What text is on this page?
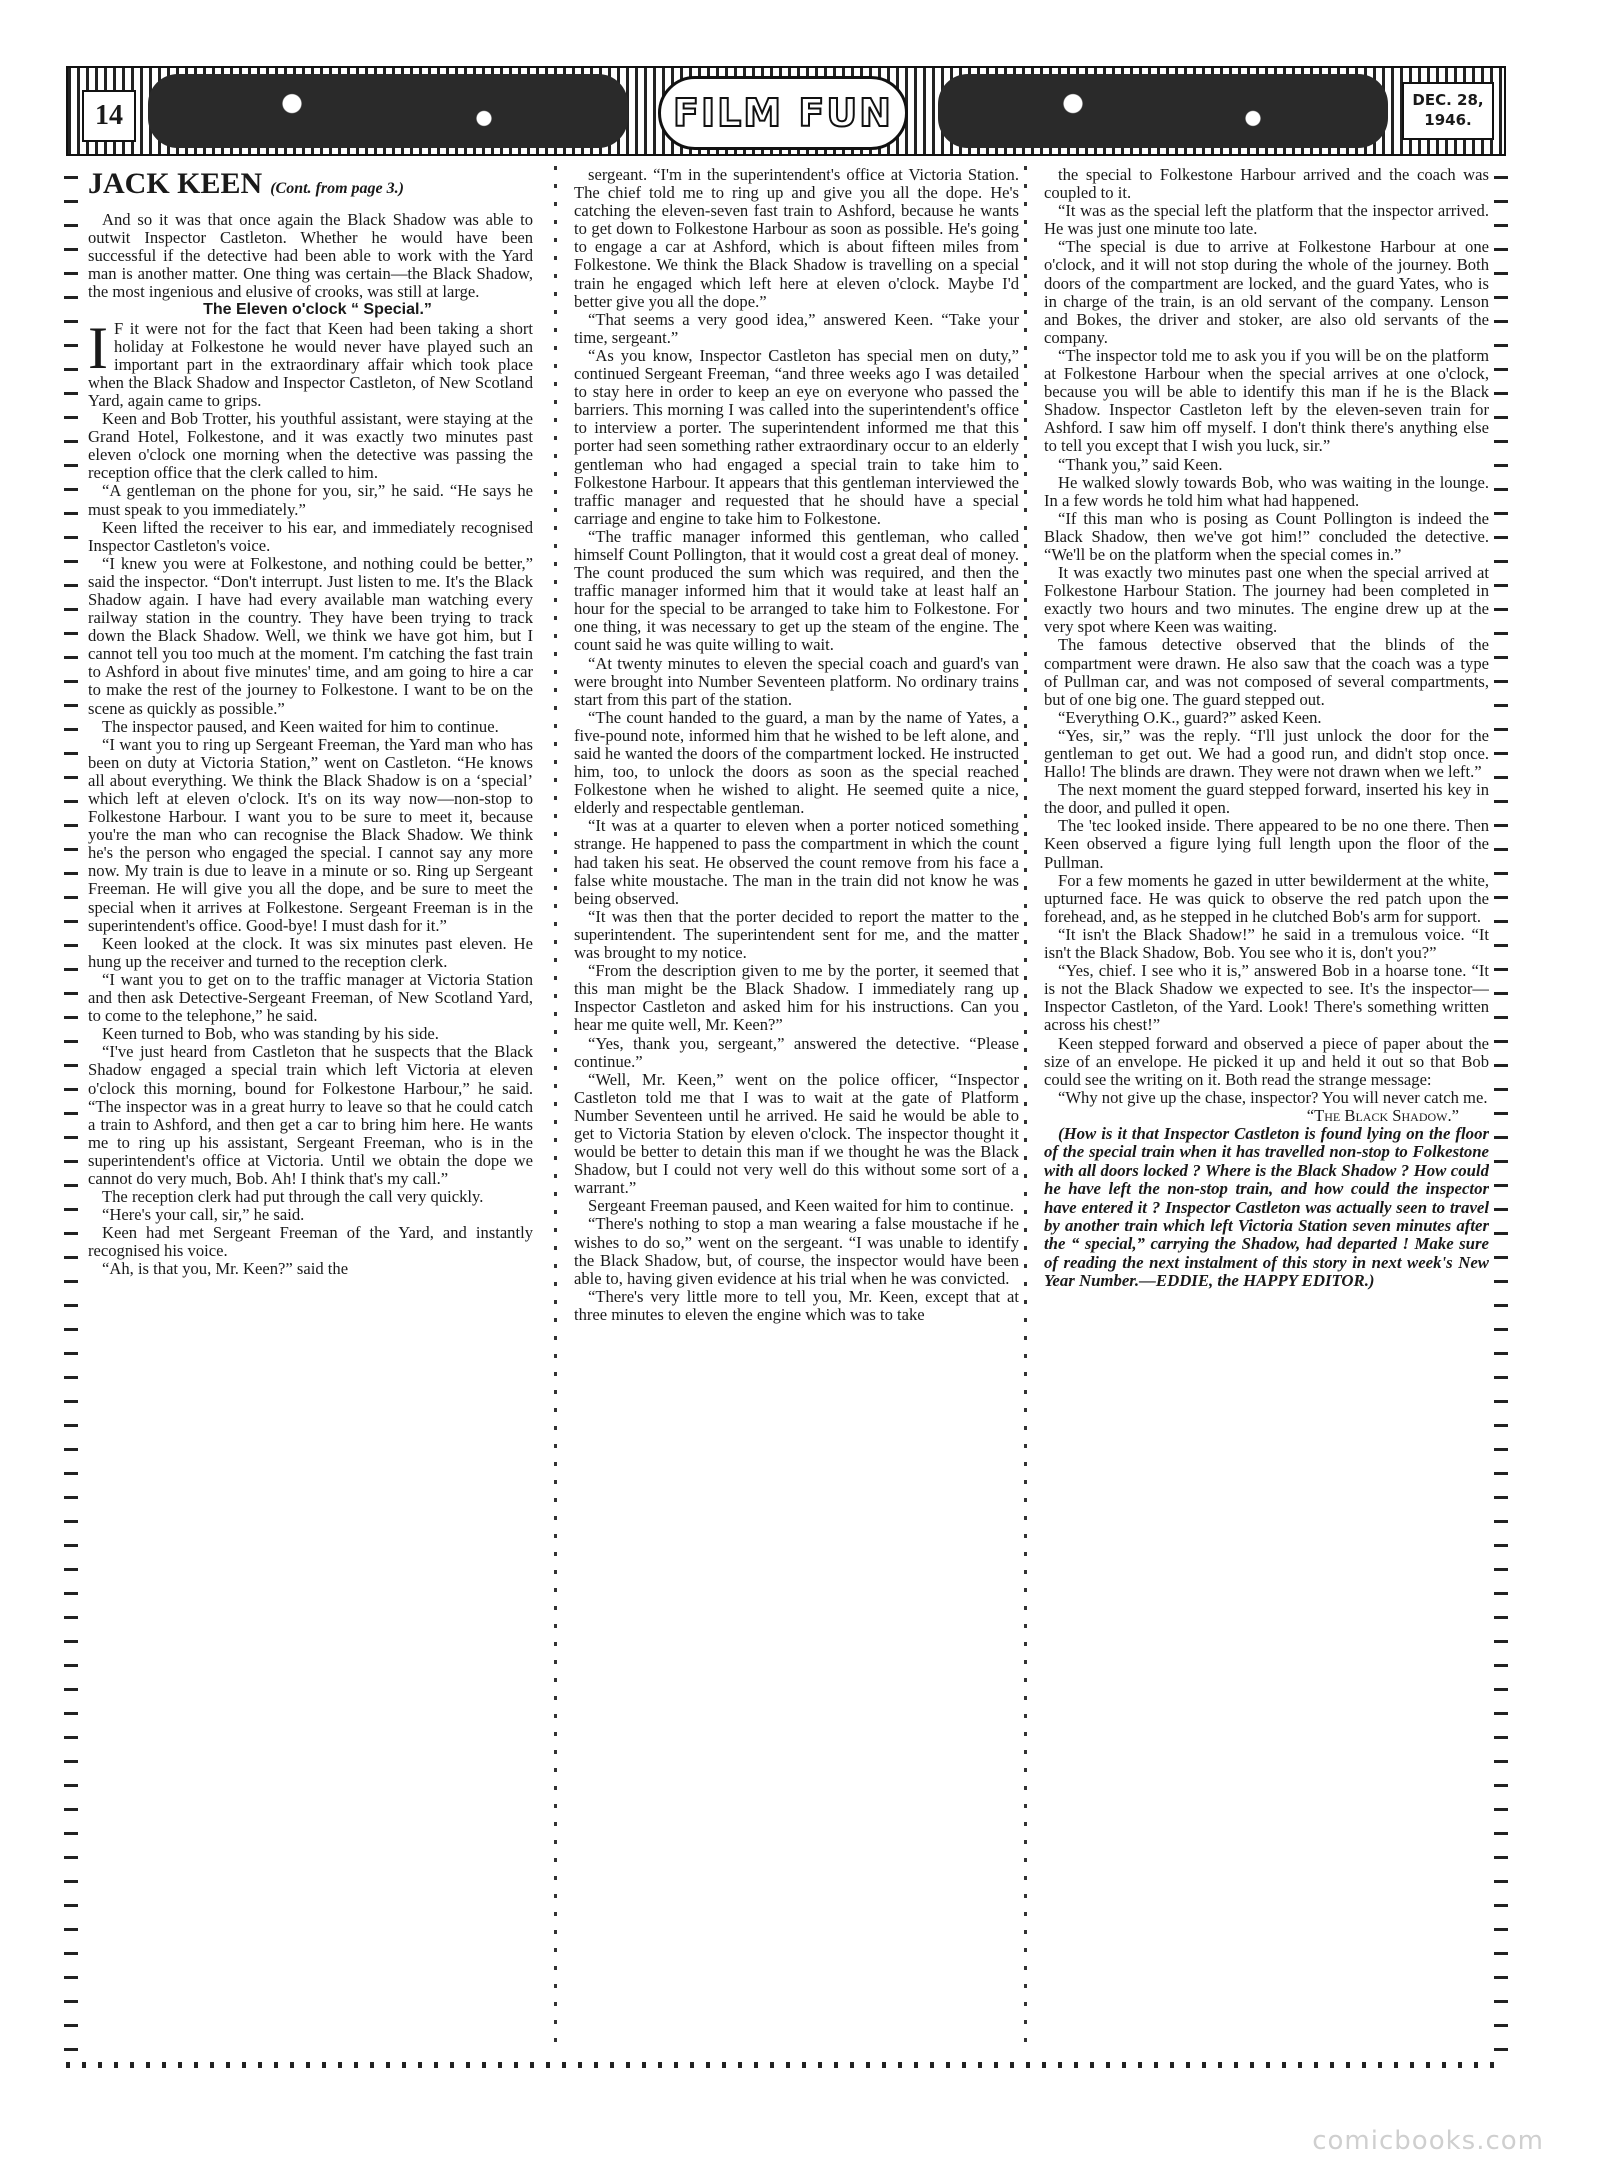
14	FILM FUN	DEC. 28,
1946.
JACK KEEN (Cont. from page 3.)

And so it was that once again the Black Shadow was able to outwit Inspector Castleton. Whether he would have been successful if the detective had been able to work with the Yard man is another matter. One thing was certain—the Black Shadow, the most ingenious and elusive of crooks, was still at large.

The Eleven o'clock “ Special.”

I F it were not for the fact that Keen had been taking a short holiday at Folkestone he would never have played such an important part in the extraordinary affair which took place when the Black Shadow and Inspector Castleton, of New Scotland Yard, again came to grips.

Keen and Bob Trotter, his youthful assistant, were staying at the Grand Hotel, Folkestone, and it was exactly two minutes past eleven o'clock one morning when the detective was passing the reception office that the clerk called to him.

“A gentleman on the phone for you, sir,” he said. “He says he must speak to you immediately.”

Keen lifted the receiver to his ear, and immediately recognised Inspector Castleton's voice.

“I knew you were at Folkestone, and nothing could be better,” said the inspector. “Don't interrupt. Just listen to me. It's the Black Shadow again. I have had every available man watching every railway station in the country. They have been trying to track down the Black Shadow. Well, we think we have got him, but I cannot tell you too much at the moment. I'm catching the fast train to Ashford in about five minutes' time, and am going to hire a car to make the rest of the journey to Folkestone. I want to be on the scene as quickly as possible.”

The inspector paused, and Keen waited for him to continue.

“I want you to ring up Sergeant Freeman, the Yard man who has been on duty at Victoria Station,” went on Castleton. “He knows all about everything. We think the Black Shadow is on a ‘special’ which left at eleven o'clock. It's on its way now—non-stop to Folkestone Harbour. I want you to be sure to meet it, because you're the man who can recognise the Black Shadow. We think he's the person who engaged the special. I cannot say any more now. My train is due to leave in a minute or so. Ring up Sergeant Freeman. He will give you all the dope, and be sure to meet the special when it arrives at Folkestone. Sergeant Freeman is in the superintendent's office. Good-bye! I must dash for it.”

Keen looked at the clock. It was six minutes past eleven. He hung up the receiver and turned to the reception clerk.

“I want you to get on to the traffic manager at Victoria Station and then ask Detective-Sergeant Freeman, of New Scotland Yard, to come to the telephone,” he said.

Keen turned to Bob, who was standing by his side.

“I've just heard from Castleton that he suspects that the Black Shadow engaged a special train which left Victoria at eleven o'clock this morning, bound for Folkestone Harbour,” he said. “The inspector was in a great hurry to leave so that he could catch a train to Ashford, and then get a car to bring him here. He wants me to ring up his assistant, Sergeant Freeman, who is in the superintendent's office at Victoria. Until we obtain the dope we cannot do very much, Bob. Ah! I think that's my call.”

The reception clerk had put through the call very quickly.

“Here's your call, sir,” he said.

Keen had met Sergeant Freeman of the Yard, and instantly recognised his voice.

“Ah, is that you, Mr. Keen?” said the

sergeant. “I'm in the superintendent's office at Victoria Station. The chief told me to ring up and give you all the dope. He's catching the eleven-seven fast train to Ashford, because he wants to get down to Folkestone Harbour as soon as possible. He's going to engage a car at Ashford, which is about fifteen miles from Folkestone. We think the Black Shadow is travelling on a special train he engaged which left here at eleven o'clock. Maybe I'd better give you all the dope.”

“That seems a very good idea,” answered Keen. “Take your time, sergeant.”

“As you know, Inspector Castleton has special men on duty,” continued Sergeant Freeman, “and three weeks ago I was detailed to stay here in order to keep an eye on everyone who passed the barriers. This morning I was called into the superintendent's office to interview a porter. The superintendent informed me that this porter had seen something rather extraordinary occur to an elderly gentleman who had engaged a special train to take him to Folkestone Harbour. It appears that this gentleman interviewed the traffic manager and requested that he should have a special carriage and engine to take him to Folkestone.

“The traffic manager informed this gentleman, who called himself Count Pollington, that it would cost a great deal of money. The count produced the sum which was required, and then the traffic manager informed him that it would take at least half an hour for the special to be arranged to take him to Folkestone. For one thing, it was necessary to get up the steam of the engine. The count said he was quite willing to wait.

“At twenty minutes to eleven the special coach and guard's van were brought into Number Seventeen platform. No ordinary trains start from this part of the station.

“The count handed to the guard, a man by the name of Yates, a five-pound note, informed him that he wished to be left alone, and said he wanted the doors of the compartment locked. He instructed him, too, to unlock the doors as soon as the special reached Folkestone when he wished to alight. He seemed quite a nice, elderly and respectable gentleman.

“It was at a quarter to eleven when a porter noticed something strange. He happened to pass the compartment in which the count had taken his seat. He observed the count remove from his face a false white moustache. The man in the train did not know he was being observed.

“It was then that the porter decided to report the matter to the superintendent. The superintendent sent for me, and the matter was brought to my notice.

“From the description given to me by the porter, it seemed that this man might be the Black Shadow. I immediately rang up Inspector Castleton and asked him for his instructions. Can you hear me quite well, Mr. Keen?”

“Yes, thank you, sergeant,” answered the detective. “Please continue.”

“Well, Mr. Keen,” went on the police officer, “Inspector Castleton told me that I was to wait at the gate of Platform Number Seventeen until he arrived. He said he would be able to get to Victoria Station by eleven o'clock. The inspector thought it would be better to detain this man if we thought he was the Black Shadow, but I could not very well do this without some sort of a warrant.”

Sergeant Freeman paused, and Keen waited for him to continue.

“There's nothing to stop a man wearing a false moustache if he wishes to do so,” went on the sergeant. “I was unable to identify the Black Shadow, but, of course, the inspector would have been able to, having given evidence at his trial when he was convicted.

“There's very little more to tell you, Mr. Keen, except that at three minutes to eleven the engine which was to take

the special to Folkestone Harbour arrived and the coach was coupled to it.

“It was as the special left the platform that the inspector arrived. He was just one minute too late.

“The special is due to arrive at Folkestone Harbour at one o'clock, and it will not stop during the whole of the journey. Both doors of the compartment are locked, and the guard Yates, who is in charge of the train, is an old servant of the company. Lenson and Bokes, the driver and stoker, are also old servants of the company.

“The inspector told me to ask you if you will be on the platform at Folkestone Harbour when the special arrives at one o'clock, because you will be able to identify this man if he is the Black Shadow. Inspector Castleton left by the eleven-seven train for Ashford. I saw him off myself. I don't think there's anything else to tell you except that I wish you luck, sir.”

“Thank you,” said Keen.

He walked slowly towards Bob, who was waiting in the lounge. In a few words he told him what had happened.

“If this man who is posing as Count Pollington is indeed the Black Shadow, then we've got him!” concluded the detective. “We'll be on the platform when the special comes in.”

It was exactly two minutes past one when the special arrived at Folkestone Harbour Station. The journey had been completed in exactly two hours and two minutes. The engine drew up at the very spot where Keen was waiting.

The famous detective observed that the blinds of the compartment were drawn. He also saw that the coach was a type of Pullman car, and was not composed of several compartments, but of one big one. The guard stepped out.

“Everything O.K., guard?” asked Keen.

“Yes, sir,” was the reply. “I'll just unlock the door for the gentleman to get out. We had a good run, and didn't stop once. Hallo! The blinds are drawn. They were not drawn when we left.”

The next moment the guard stepped forward, inserted his key in the door, and pulled it open.

The 'tec looked inside. There appeared to be no one there. Then Keen observed a figure lying full length upon the floor of the Pullman.

For a few moments he gazed in utter bewilderment at the white, upturned face. He was quick to observe the red patch upon the forehead, and, as he stepped in he clutched Bob's arm for support.

“It isn't the Black Shadow!” he said in a tremulous voice. “It isn't the Black Shadow, Bob. You see who it is, don't you?”

“Yes, chief. I see who it is,” answered Bob in a hoarse tone. “It is not the Black Shadow we expected to see. It's the inspector—Inspector Castleton, of the Yard. Look! There's something written across his chest!”

Keen stepped forward and observed a piece of paper about the size of an envelope. He picked it up and held it out so that Bob could see the writing on it. Both read the strange message:

“Why not give up the chase, inspector? You will never catch me.

“The Black Shadow.”

(How is it that Inspector Castleton is found lying on the floor of the special train when it has travelled non-stop to Folkestone with all doors locked ? Where is the Black Shadow ? How could he have left the non-stop train, and how could the inspector have entered it ? Inspector Castleton was actually seen to travel by another train which left Victoria Station seven minutes after the “ special,” carrying the Shadow, had departed ! Make sure of reading the next instalment of this story in next week's New Year Number.—EDDIE, the HAPPY EDITOR.)

comicbooks.com
